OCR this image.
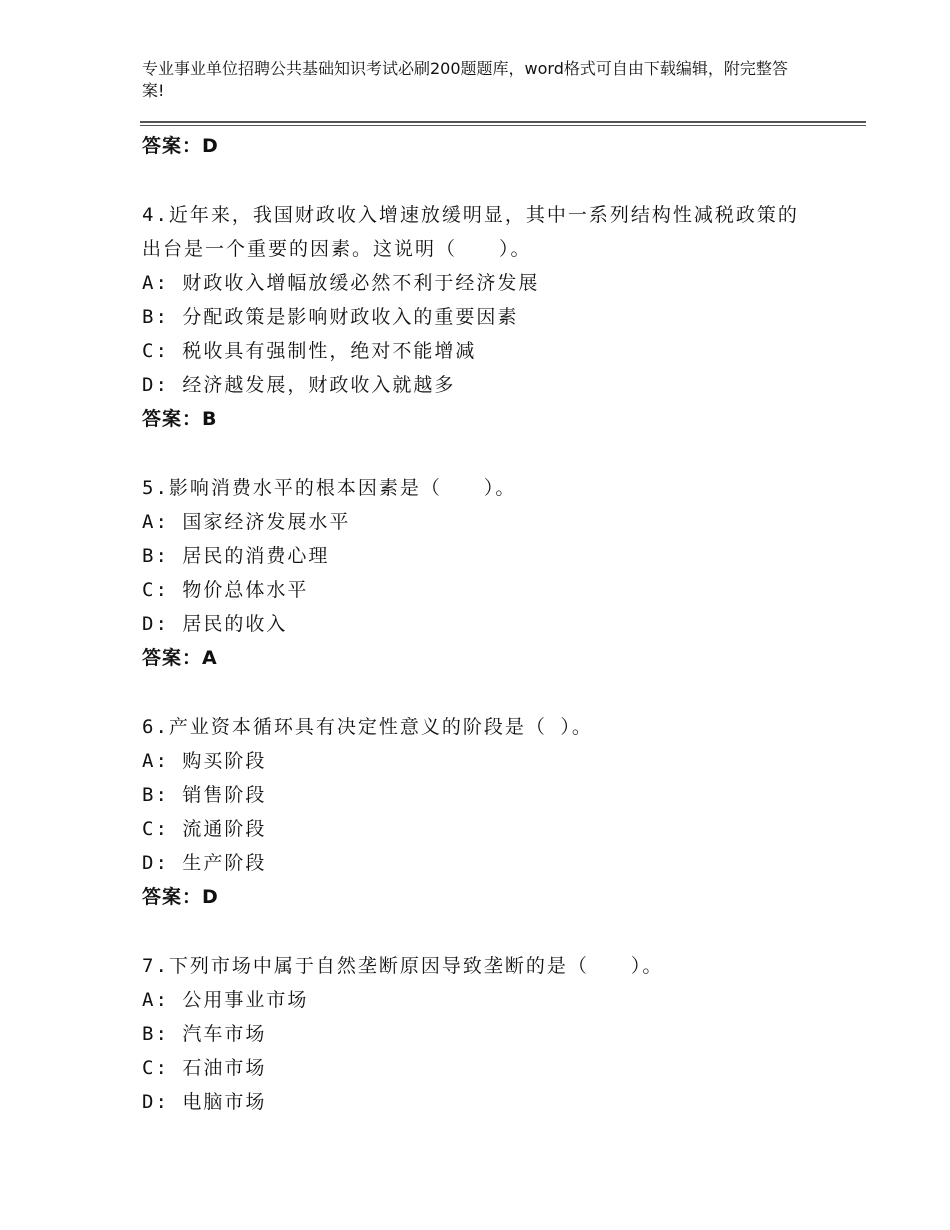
专业事业单位招聘公共基础知识考试必刷200题题库，word格式可自由下载编辑，附完整答案!
答案：D
4.近年来，我国财政收入增速放缓明显，其中一系列结构性减税政策的出台是一个重要的因素。这说明（　　）。
A: 财政收入增幅放缓必然不利于经济发展
B: 分配政策是影响财政收入的重要因素
C: 税收具有强制性，绝对不能增减
D: 经济越发展，财政收入就越多
答案：B
5.影响消费水平的根本因素是（　　）。
A: 国家经济发展水平
B: 居民的消费心理
C: 物价总体水平
D: 居民的收入
答案：A
6.产业资本循环具有决定性意义的阶段是（ ）。
A: 购买阶段
B: 销售阶段
C: 流通阶段
D: 生产阶段
答案：D
7.下列市场中属于自然垄断原因导致垄断的是（　　）。
A: 公用事业市场
B: 汽车市场
C: 石油市场
D: 电脑市场
